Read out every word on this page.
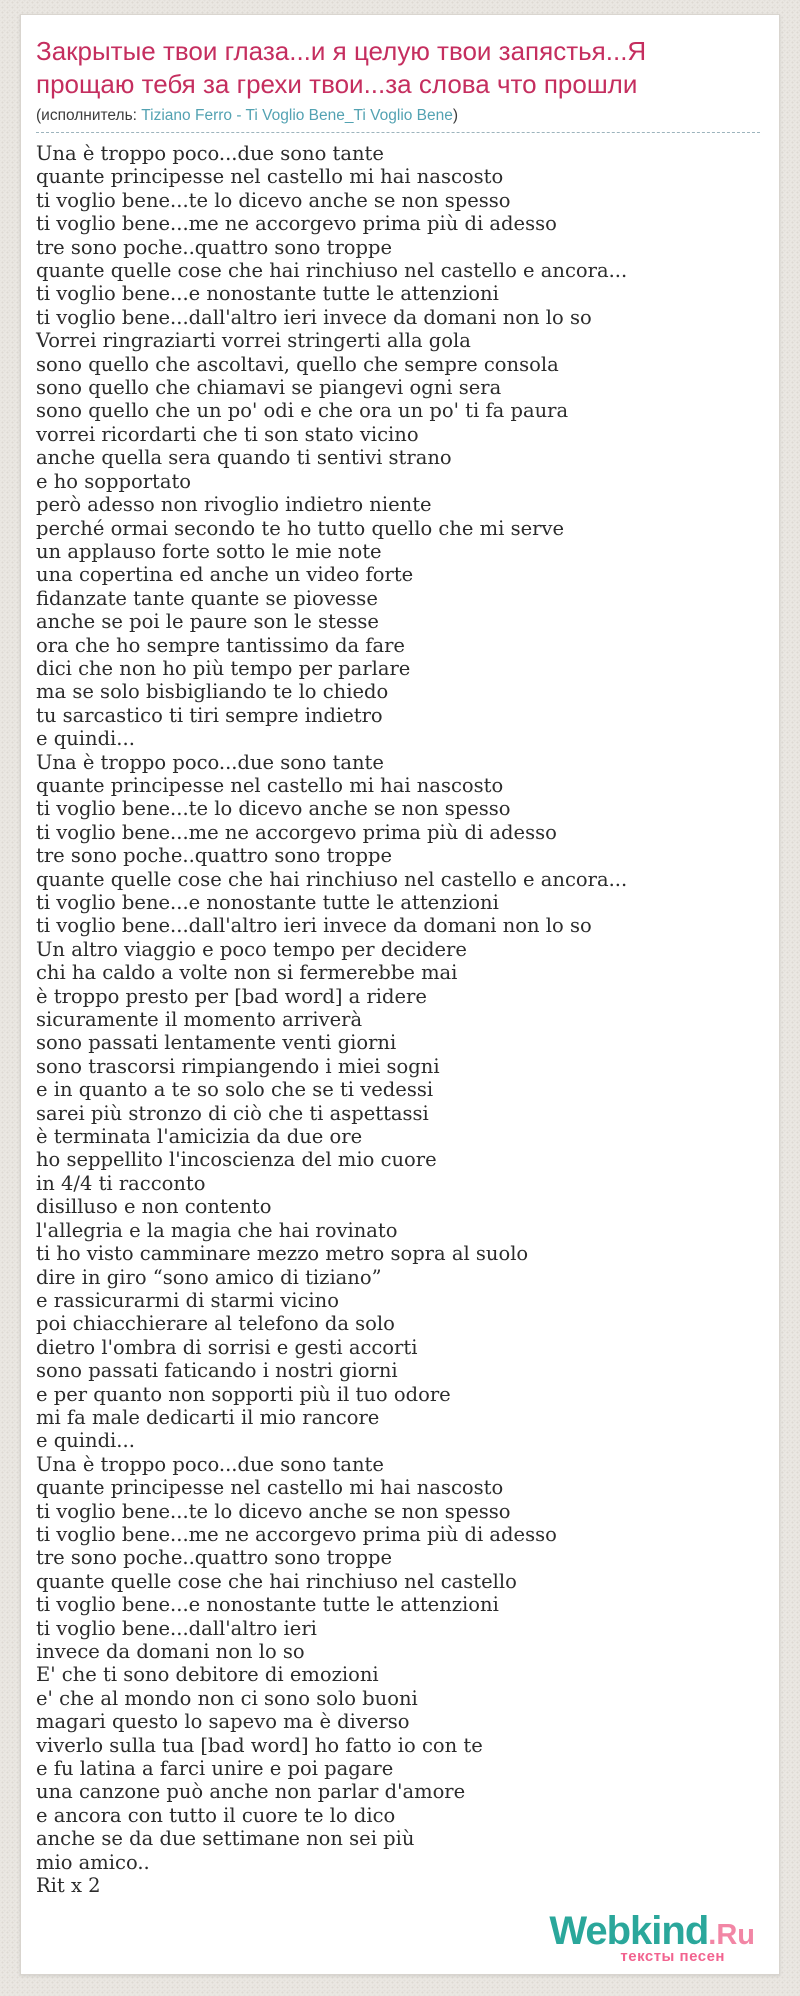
Закрытые твои глаза...и я целую твои запястья...Я прощаю тебя за грехи твои...за слова что прошли
(исполнитель: Tiziano Ferro - Ti Voglio Bene_Ti Voglio Bene)
Una è troppo poco...due sono tante
quante principesse nel castello mi hai nascosto
ti voglio bene...te lo dicevo anche se non spesso
ti voglio bene...me ne accorgevo prima più di adesso
tre sono poche..quattro sono troppe
quante quelle cose che hai rinchiuso nel castello e ancora...
ti voglio bene...e nonostante tutte le attenzioni
ti voglio bene...dall'altro ieri invece da domani non lo so
Vorrei ringraziarti vorrei stringerti alla gola
sono quello che ascoltavi, quello che sempre consola
sono quello che chiamavi se piangevi ogni sera
sono quello che un po' odi e che ora un po' ti fa paura
vorrei ricordarti che ti son stato vicino
anche quella sera quando ti sentivi strano
e ho sopportato
però adesso non rivoglio indietro niente
perché ormai secondo te ho tutto quello che mi serve
un applauso forte sotto le mie note
una copertina ed anche un video forte
fidanzate tante quante se piovesse
anche se poi le paure son le stesse
ora che ho sempre tantissimo da fare
dici che non ho più tempo per parlare
ma se solo bisbigliando te lo chiedo
tu sarcastico ti tiri sempre indietro
e quindi...
Una è troppo poco...due sono tante
quante principesse nel castello mi hai nascosto
ti voglio bene...te lo dicevo anche se non spesso
ti voglio bene...me ne accorgevo prima più di adesso
tre sono poche..quattro sono troppe
quante quelle cose che hai rinchiuso nel castello e ancora...
ti voglio bene...e nonostante tutte le attenzioni
ti voglio bene...dall'altro ieri invece da domani non lo so
Un altro viaggio e poco tempo per decidere
chi ha caldo a volte non si fermerebbe mai
è troppo presto per [bad word] a ridere
sicuramente il momento arriverà
sono passati lentamente venti giorni
sono trascorsi rimpiangendo i miei sogni
e in quanto a te so solo che se ti vedessi
sarei più stronzo di ciò che ti aspettassi
è terminata l'amicizia da due ore
ho seppellito l'incoscienza del mio cuore
in 4/4 ti racconto
disilluso e non contento
l'allegria e la magia che hai rovinato
ti ho visto camminare mezzo metro sopra al suolo
dire in giro “sono amico di tiziano”
e rassicurarmi di starmi vicino
poi chiacchierare al telefono da solo
dietro l'ombra di sorrisi e gesti accorti
sono passati faticando i nostri giorni
e per quanto non sopporti più il tuo odore
mi fa male dedicarti il mio rancore
e quindi...
Una è troppo poco...due sono tante
quante principesse nel castello mi hai nascosto
ti voglio bene...te lo dicevo anche se non spesso
ti voglio bene...me ne accorgevo prima più di adesso
tre sono poche..quattro sono troppe
quante quelle cose che hai rinchiuso nel castello
ti voglio bene...e nonostante tutte le attenzioni
ti voglio bene...dall'altro ieri
invece da domani non lo so
E' che ti sono debitore di emozioni
e' che al mondo non ci sono solo buoni
magari questo lo sapevo ma è diverso
viverlo sulla tua [bad word] ho fatto io con te
e fu latina a farci unire e poi pagare
una canzone può anche non parlar d'amore
e ancora con tutto il cuore te lo dico
anche se da due settimane non sei più
mio amico..
Rit x 2
Webkind.Ru
тексты песен
